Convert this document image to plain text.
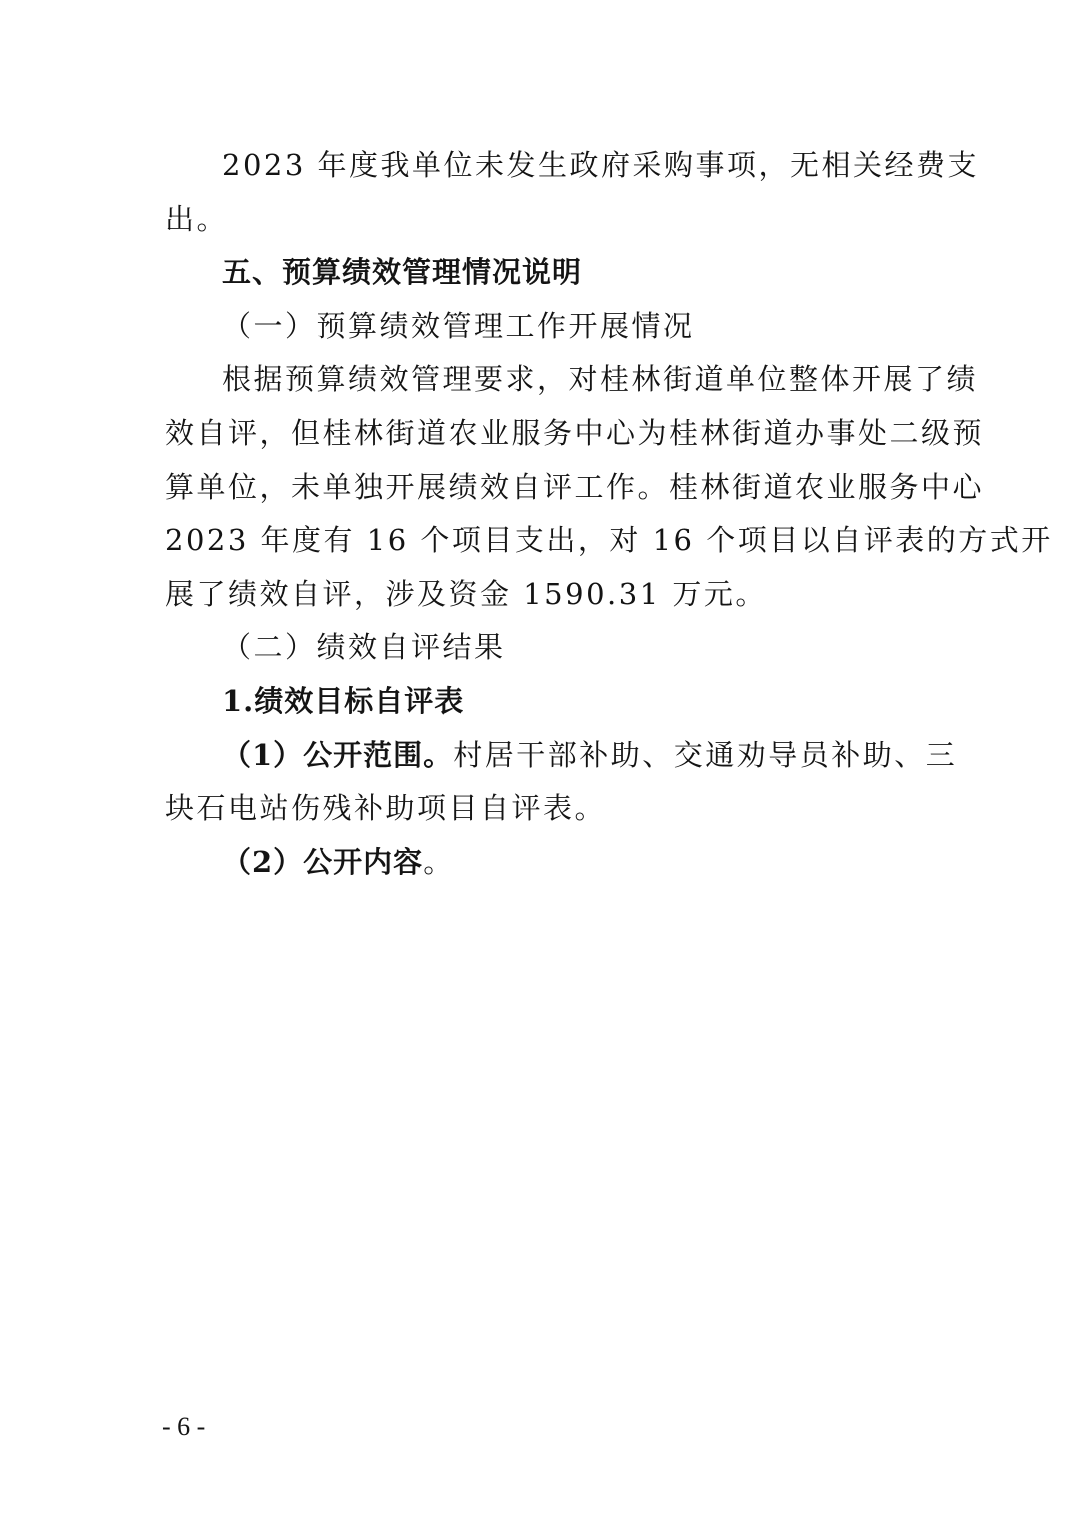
2023 年度我单位未发生政府采购事项，无相关经费支
出。
五、预算绩效管理情况说明
（一）预算绩效管理工作开展情况
根据预算绩效管理要求，对桂林街道单位整体开展了绩
效自评，但桂林街道农业服务中心为桂林街道办事处二级预
算单位，未单独开展绩效自评工作。桂林街道农业服务中心
2023 年度有 16 个项目支出，对 16 个项目以自评表的方式开
展了绩效自评，涉及资金 1590.31 万元。
（二）绩效自评结果
1.绩效目标自评表
（1）公开范围。村居干部补助、交通劝导员补助、三
块石电站伤残补助项目自评表。
（2）公开内容。
- 6 -
